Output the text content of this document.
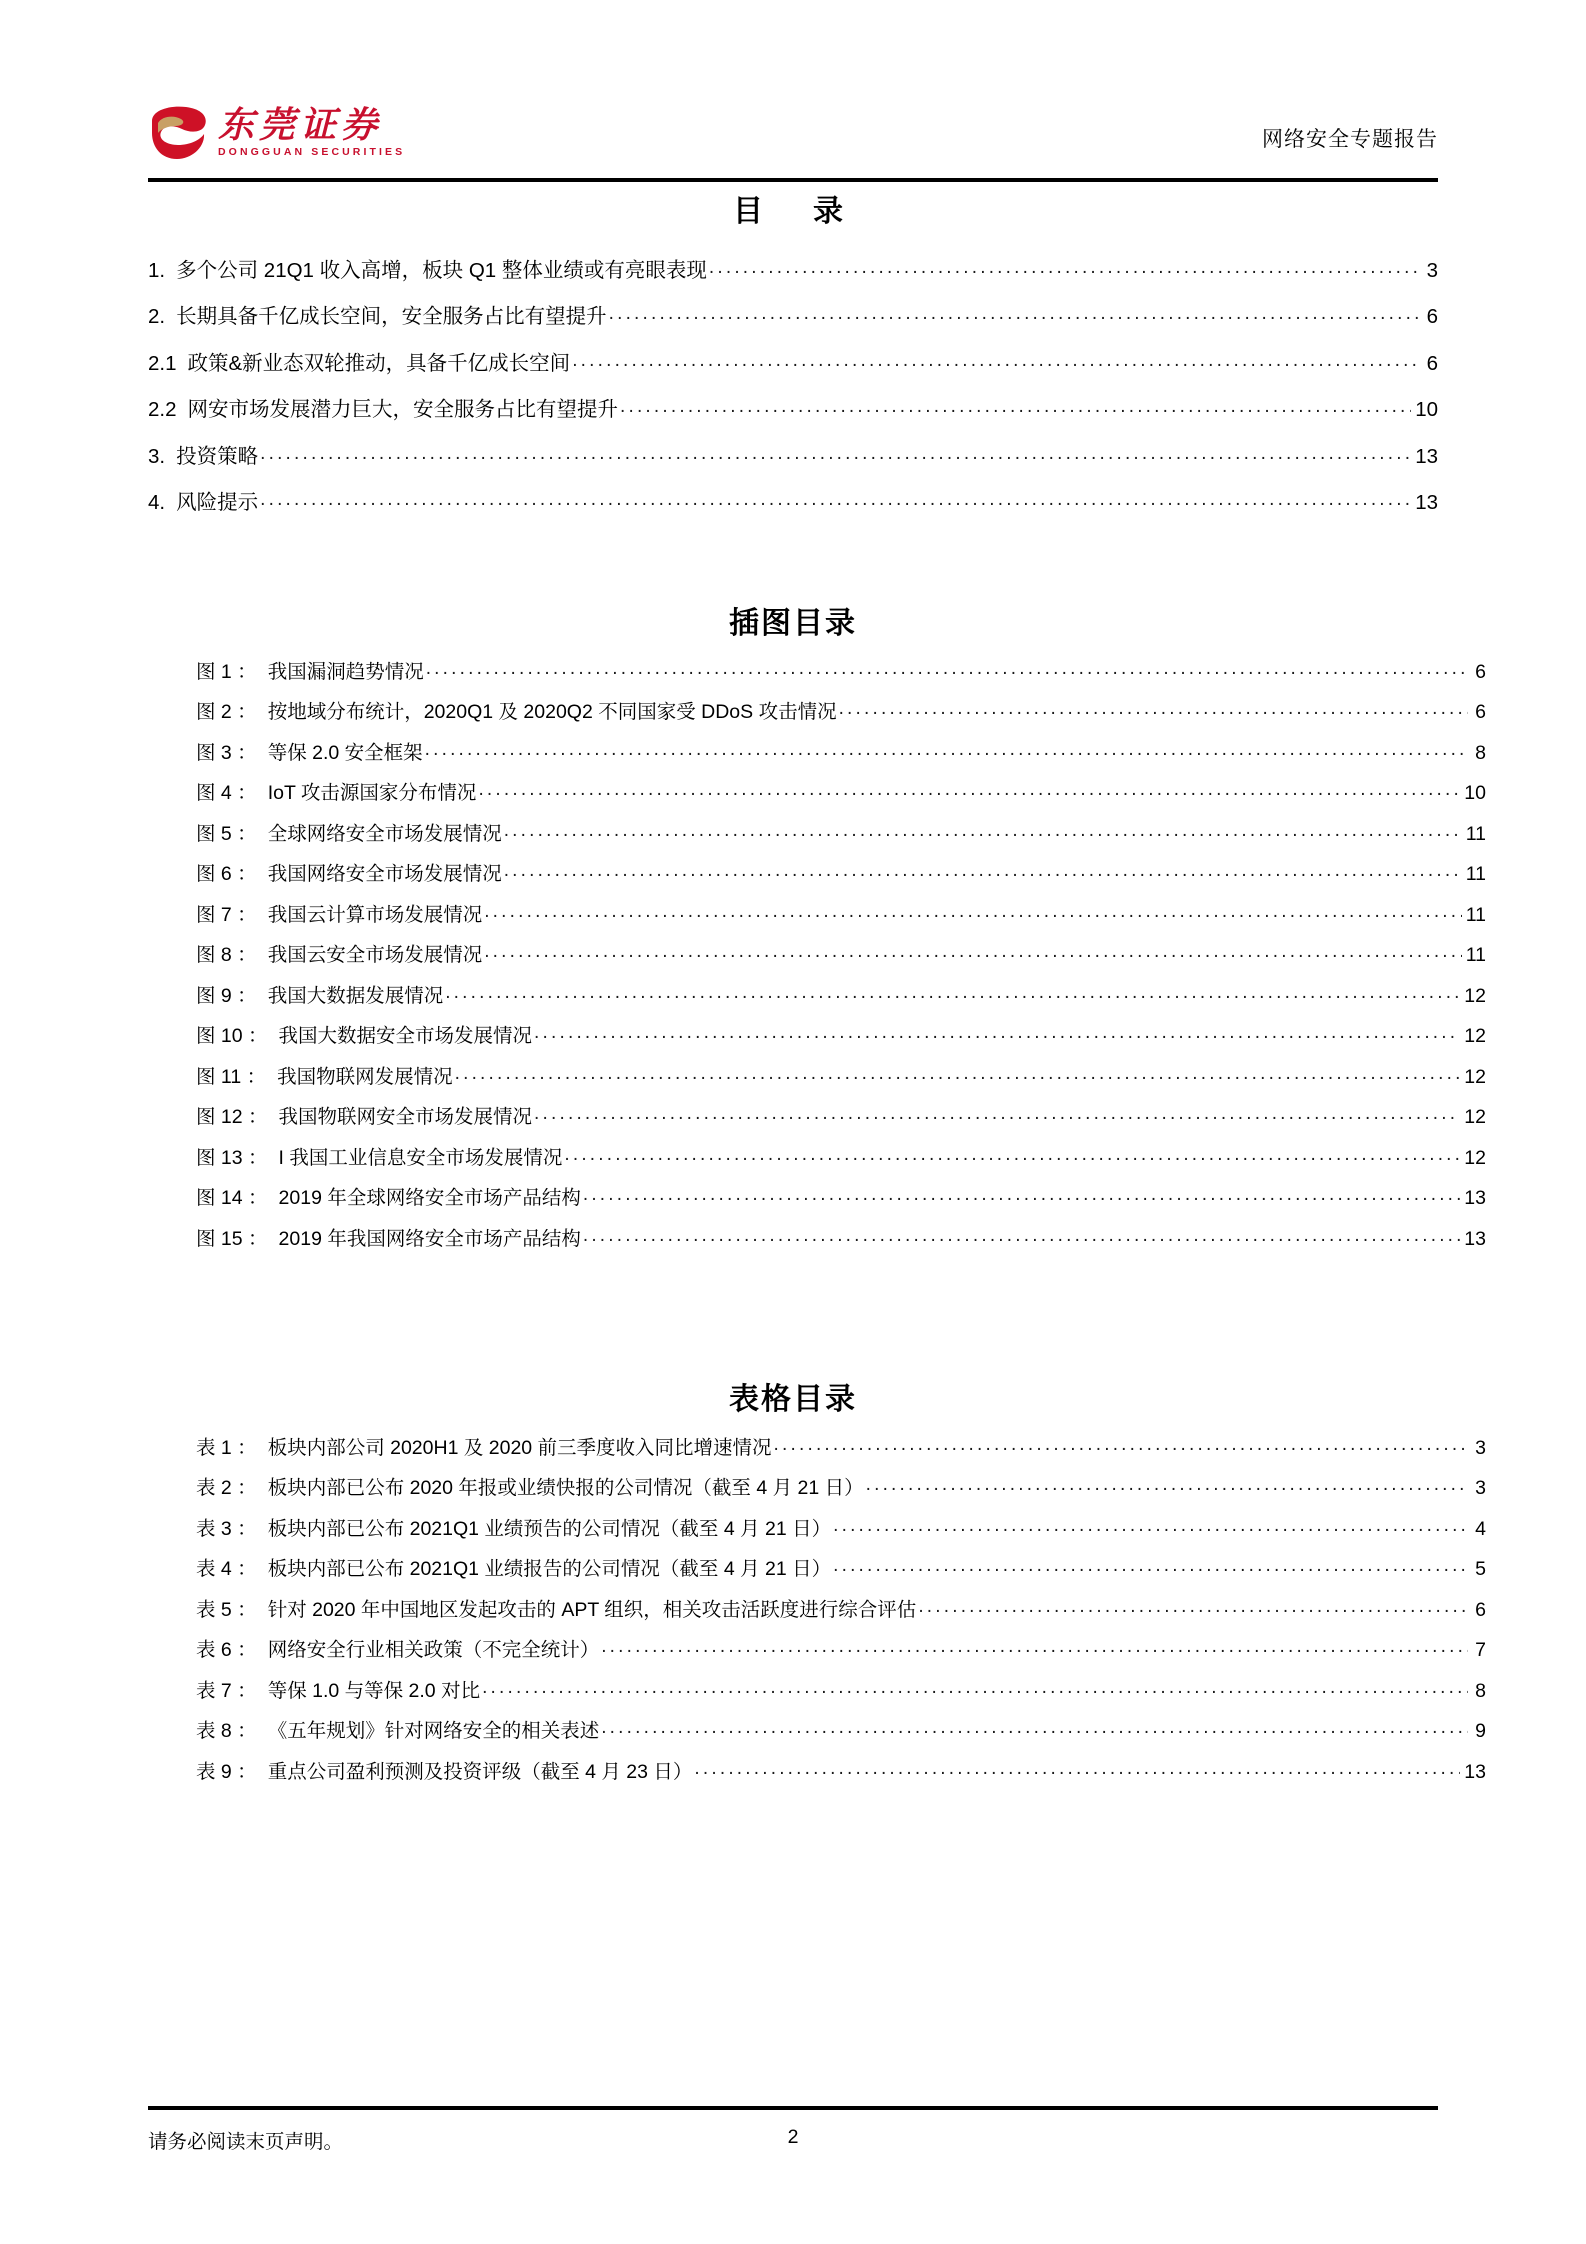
东莞证券
DONGGUAN SECURITIES
网络安全专题报告
目　录
1. 多个公司 21Q1 收入高增，板块 Q1 整体业绩或有亮眼表现 .....	3
2. 长期具备千亿成长空间，安全服务占比有望提升 .....	6
2.1 政策&新业态双轮推动，具备千亿成长空间 .....	6
2.2 网安市场发展潜力巨大，安全服务占比有望提升 .....	10
3. 投资策略 .....	13
4. 风险提示 .....	13
插图目录
图 1 ： 我国漏洞趋势情况 .....	6
图 2 ： 按地域分布统计，2020Q1 及 2020Q2 不同国家受 DDoS 攻击情况 .....	6
图 3 ： 等保 2.0 安全框架 .....	8
图 4 ： IoT 攻击源国家分布情况 .....	10
图 5 ： 全球网络安全市场发展情况 .....	11
图 6 ： 我国网络安全市场发展情况 .....	11
图 7 ： 我国云计算市场发展情况 .....	11
图 8 ： 我国云安全市场发展情况 .....	11
图 9 ： 我国大数据发展情况 .....	12
图 10 ： 我国大数据安全市场发展情况 .....	12
图 11 ： 我国物联网发展情况 .....	12
图 12 ： 我国物联网安全市场发展情况 .....	12
图 13 ： I 我国工业信息安全市场发展情况 .....	12
图 14 ： 2019 年全球网络安全市场产品结构 .....	13
图 15 ： 2019 年我国网络安全市场产品结构 .....	13
表格目录
表 1 ： 板块内部公司 2020H1 及 2020 前三季度收入同比增速情况 .....	3
表 2 ： 板块内部已公布 2020 年报或业绩快报的公司情况（截至 4 月 21 日） .....	3
表 3 ： 板块内部已公布 2021Q1 业绩预告的公司情况（截至 4 月 21 日） .....	4
表 4 ： 板块内部已公布 2021Q1 业绩报告的公司情况（截至 4 月 21 日） .....	5
表 5 ： 针对 2020 年中国地区发起攻击的 APT 组织，相关攻击活跃度进行综合评估 .....	6
表 6 ： 网络安全行业相关政策（不完全统计） .....	7
表 7 ： 等保 1.0 与等保 2.0 对比 .....	8
表 8 ： 《五年规划》针对网络安全的相关表述 .....	9
表 9 ： 重点公司盈利预测及投资评级（截至 4 月 23 日） .....	13
请务必阅读末页声明。	2
